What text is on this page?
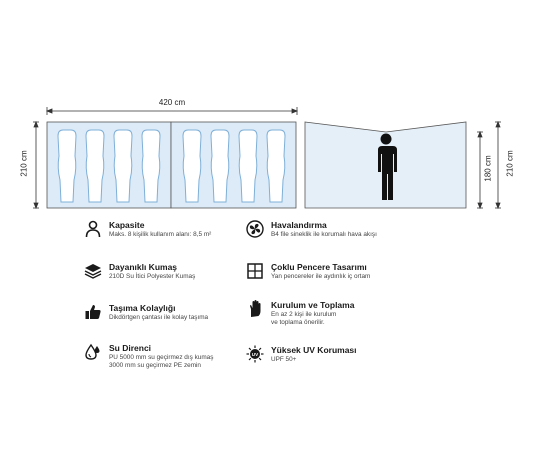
420 cm
210 cm	180 cm 210 cm
Kapasite
Maks. 8 kişilik kullanım alanı: 8,5 m²
Havalandırma
B4 file sineklik ile korumalı hava akışı
Dayanıklı Kumaş
210D Su İtici Polyester Kumaş
Çoklu Pencere Tasarımı
Yan pencereler ile aydınlık iç ortam
Taşıma Kolaylığı
Dikdörtgen çantası ile kolay taşıma
Kurulum ve Toplama
En az 2 kişi ile kurulum
ve toplama önerilir.
Su Direnci
PU 5000 mm su geçirmez dış kumaş
3000 mm su geçirmez PE zemin
UV Yüksek UV Koruması
UPF 50+
